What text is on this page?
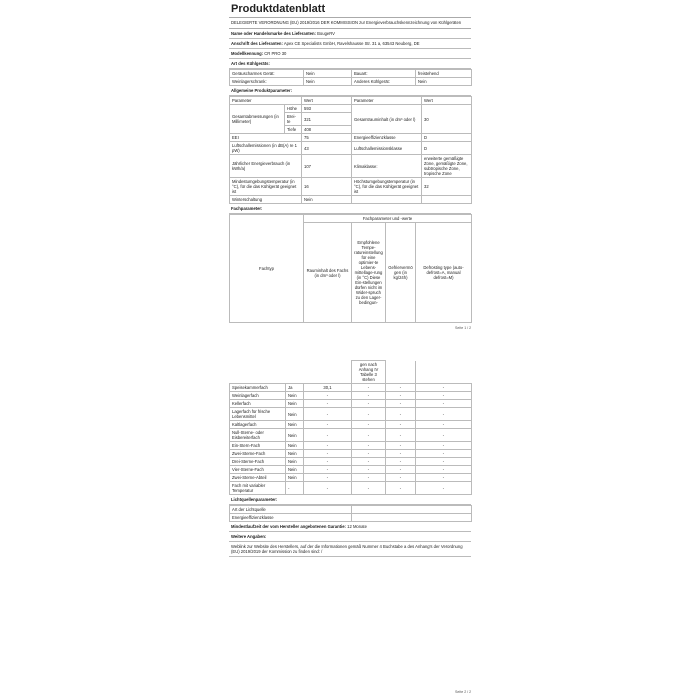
Produktdatenblatt
DELEGIERTE VERORDNUNG (EU) 2019/2016 DER KOMMISSION zur Energieverbrauchskennzeichnung von Kühlgeräten
Name oder Handelsmarke des Lieferanten: BougeRV
Anschrift des Lieferanten: Apex CE Specialists GmbH, Ravelshausse Str. 31 a, 63543 Neuberg, DE
Modellkennung: CR PRO 30
Art des Kühlgeräts:
Geräuscharmes Gerät:	Nein	Bauart:	freistehend
Weinlagerschrank:	Nein	Anderes Kühlgerät:	Nein
Allgemeine Produktparameter:
Parameter		Wert	Parameter	Wert
Gesamtabmessungen (in Millimeter)	Höhe	593	Gesamtrauminhalt (in dm³ oder l)	30
	Brei-te	321		
	Tiefe	408		
EEI		75	Energieeffizienzklasse	D
Luftschallemissionen (in dB(A) re 1 pW)		43	Luftschallemissionsklasse	D
Jährlicher Energieverbrauch (in kWh/a)		107	Klimaklasse:	erweiterte gemäßigte Zone, gemäßigte Zone, subtropische Zone, tropische Zone
Mindestumgebungstemperatur (in °C), für die das Kühlgerät geeignet ist		16	Höchstumgebungstemperatur (in °C), für die das Kühlgerät geeignet ist	32
Winterschaltung		Nein		
Fachparameter:
Fachtyp	Fachparameter und -werte			
	Rauminhalt des Fachs (in dm³ oder l)	Empfohlene Tempe-ratureinstellung für eine optimier-te Lebens-mittellage-rung (in °C) Diese Ein-stellungen dürfen nicht im Wider-spruch zu den Lager-bedingun-	Gefriervermögen (in kg/24h)	Defrosting type (auto-defrost=A, manual defrost=M)
Seite 1 / 2
			gen nach Anhang IV Tabelle 3 stehen		
Speisekammerfach	Ja	30,1	-	-	-
Weinlagerfach	Nein	-	-	-	-
Kellerfach	Nein	-	-	-	-
Lagerfach für frische Lebensmittel	Nein	-	-	-	-
Kaltlagerfach	Nein	-	-	-	-
Null-Sterne- oder Eisbereiterfach	Nein	-	-	-	-
Ein-Stern-Fach	Nein	-	-	-	-
Zwei-Sterne-Fach	Nein	-	-	-	-
Drei-Sterne-Fach	Nein	-	-	-	-
Vier-Sterne-Fach	Nein	-	-	-	-
Zwei-Sterne-Abteil	Nein	-	-	-	-
Fach mit variabler Temperatur	-	-	-	-	-
Lichtquellenparameter:
Art der Lichtquelle	
Energieeffizienzklasse	
Mindestlaufzeit der vom Hersteller angebotenen Garantie: 12 Monate
Weitere Angaben:
Weblink zur Website des Herstellers, auf der die Informationen gemäß Nummer 4 Buchstabe a des Anhang's der Verordnung (EU) 2019/2019 der Kommission zu finden sind: /
Seite 2 / 2
